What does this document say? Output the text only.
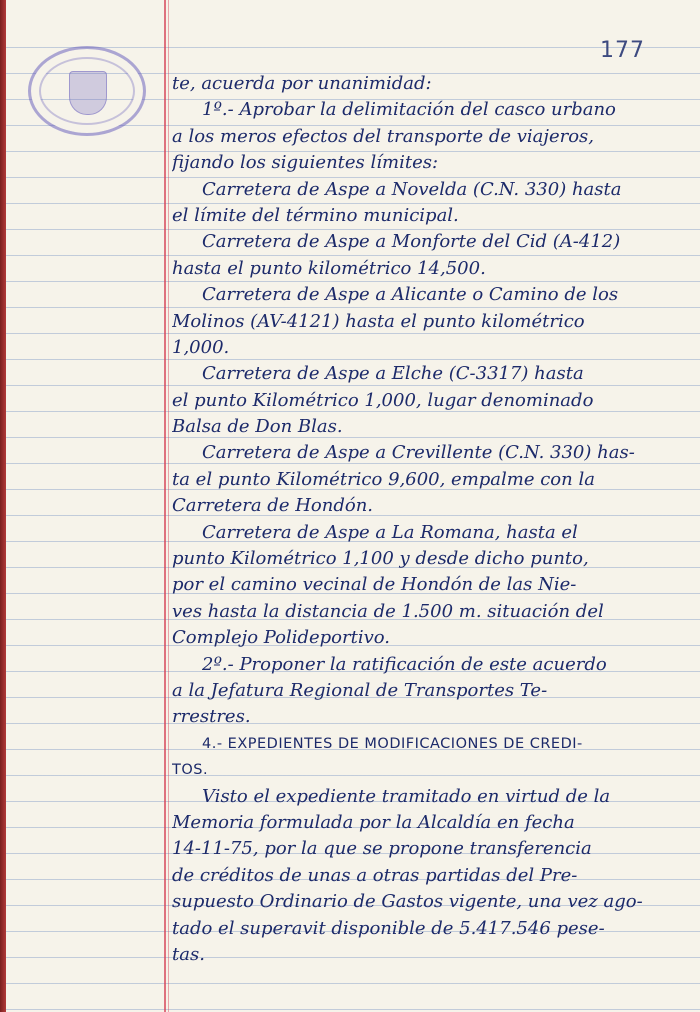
177
te, acuerda por unanimidad:
1º.- Aprobar la delimitación del casco urbano
a los meros efectos del transporte de viajeros,
fijando los siguientes límites:
Carretera de Aspe a Novelda (C.N. 330) hasta
el límite del término municipal.
Carretera de Aspe a Monforte del Cid (A-412)
hasta el punto kilométrico 14,500.
Carretera de Aspe a Alicante o Camino de los
Molinos (AV-4121) hasta el punto kilométrico
1,000.
Carretera de Aspe a Elche (C-3317) hasta
el punto Kilométrico 1,000, lugar denominado
Balsa de Don Blas.
Carretera de Aspe a Crevillente (C.N. 330) has-
ta el punto Kilométrico 9,600, empalme con la
Carretera de Hondón.
Carretera de Aspe a La Romana, hasta el
punto Kilométrico 1,100 y desde dicho punto,
por el camino vecinal de Hondón de las Nie-
ves hasta la distancia de 1.500 m. situación del
Complejo Polideportivo.
2º.- Proponer la ratificación de este acuerdo
a la Jefatura Regional de Transportes Te-
rrestres.
4.- EXPEDIENTES DE MODIFICACIONES DE CREDI-
TOS.
Visto el expediente tramitado en virtud de la
Memoria formulada por la Alcaldía en fecha
14-11-75, por la que se propone transferencia
de créditos de unas a otras partidas del Pre-
supuesto Ordinario de Gastos vigente, una vez ago-
tado el superavit disponible de 5.417.546 pese-
tas.
